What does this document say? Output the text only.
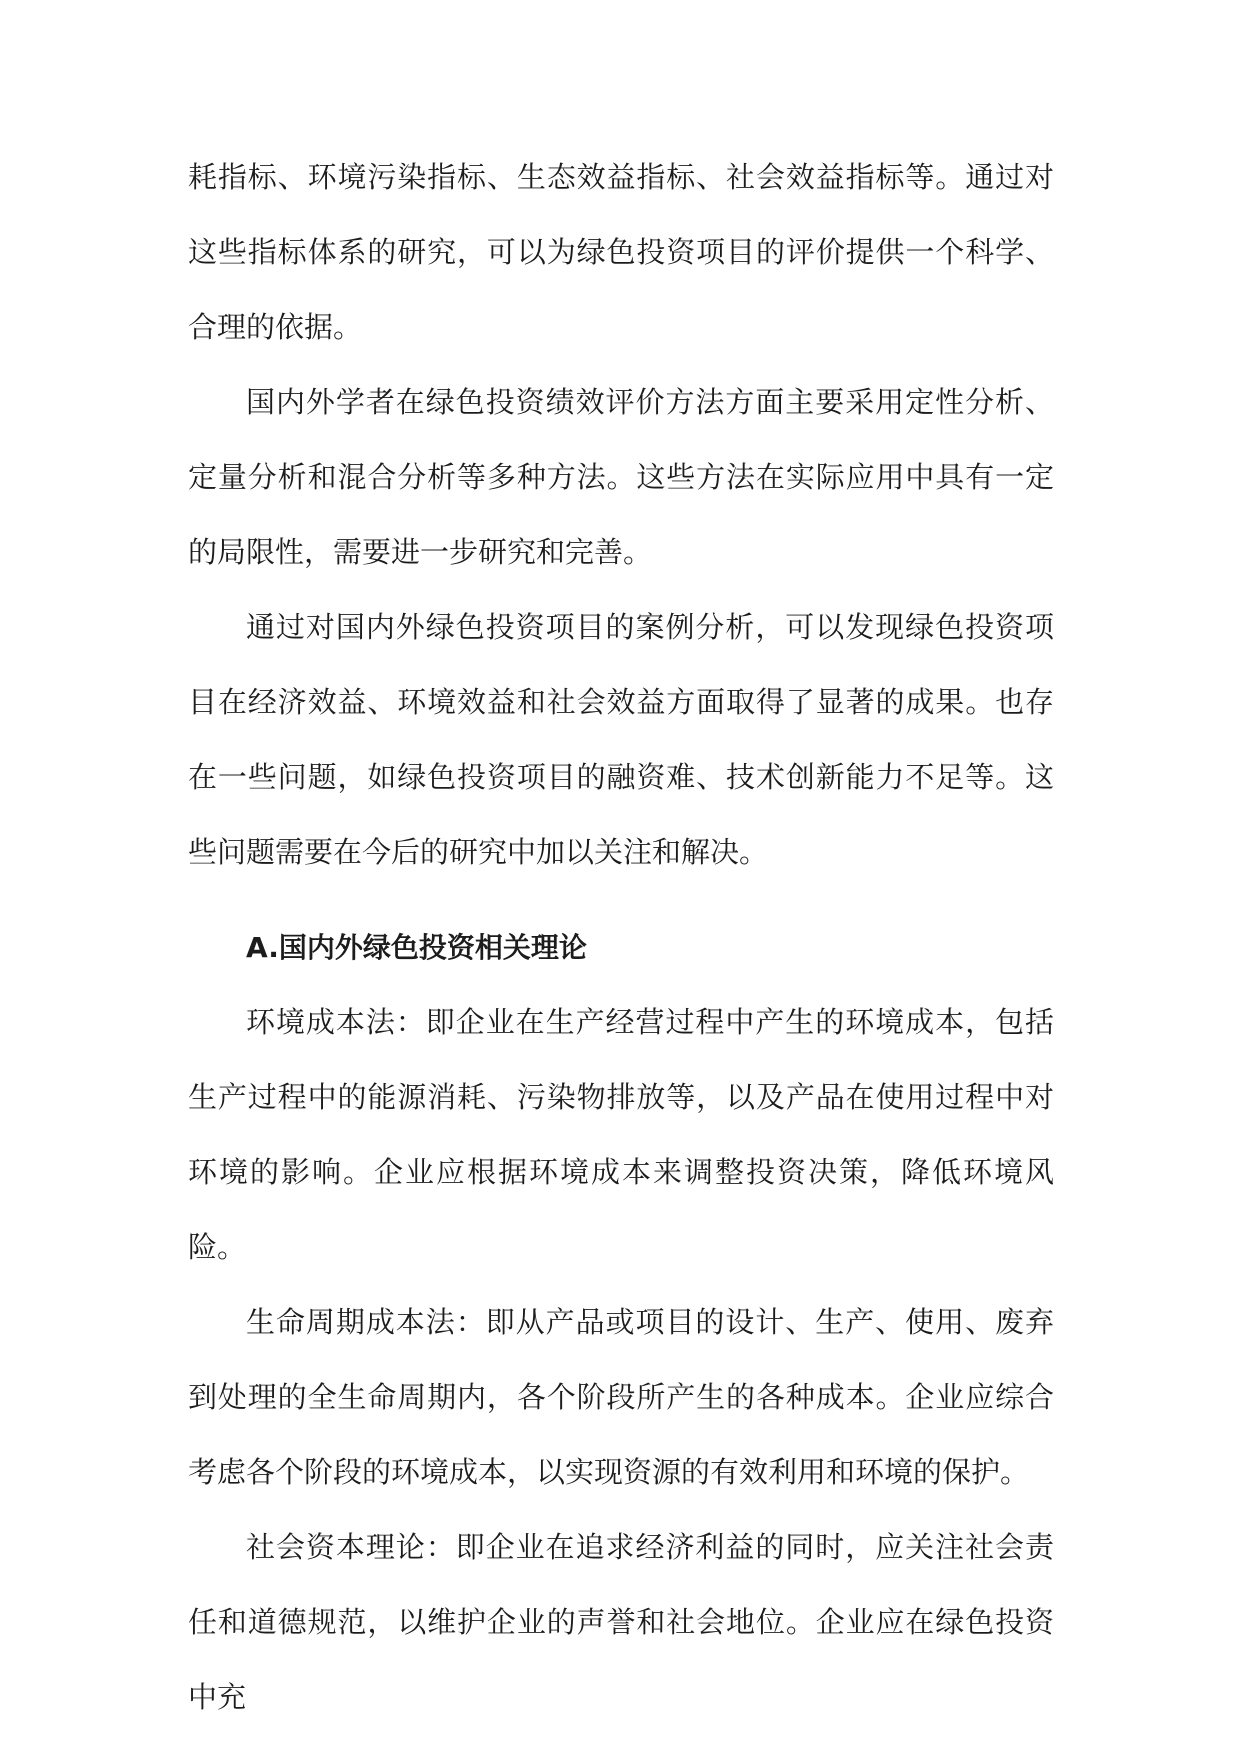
耗指标、环境污染指标、生态效益指标、社会效益指标等。通过对这些指标体系的研究，可以为绿色投资项目的评价提供一个科学、合理的依据。

国内外学者在绿色投资绩效评价方法方面主要采用定性分析、定量分析和混合分析等多种方法。这些方法在实际应用中具有一定的局限性，需要进一步研究和完善。

通过对国内外绿色投资项目的案例分析，可以发现绿色投资项目在经济效益、环境效益和社会效益方面取得了显著的成果。也存在一些问题，如绿色投资项目的融资难、技术创新能力不足等。这些问题需要在今后的研究中加以关注和解决。

A.国内外绿色投资相关理论

环境成本法：即企业在生产经营过程中产生的环境成本，包括生产过程中的能源消耗、污染物排放等，以及产品在使用过程中对环境的影响。企业应根据环境成本来调整投资决策，降低环境风险。

生命周期成本法：即从产品或项目的设计、生产、使用、废弃到处理的全生命周期内，各个阶段所产生的各种成本。企业应综合考虑各个阶段的环境成本，以实现资源的有效利用和环境的保护。

社会资本理论：即企业在追求经济利益的同时，应关注社会责任和道德规范，以维护企业的声誉和社会地位。企业应在绿色投资中充
